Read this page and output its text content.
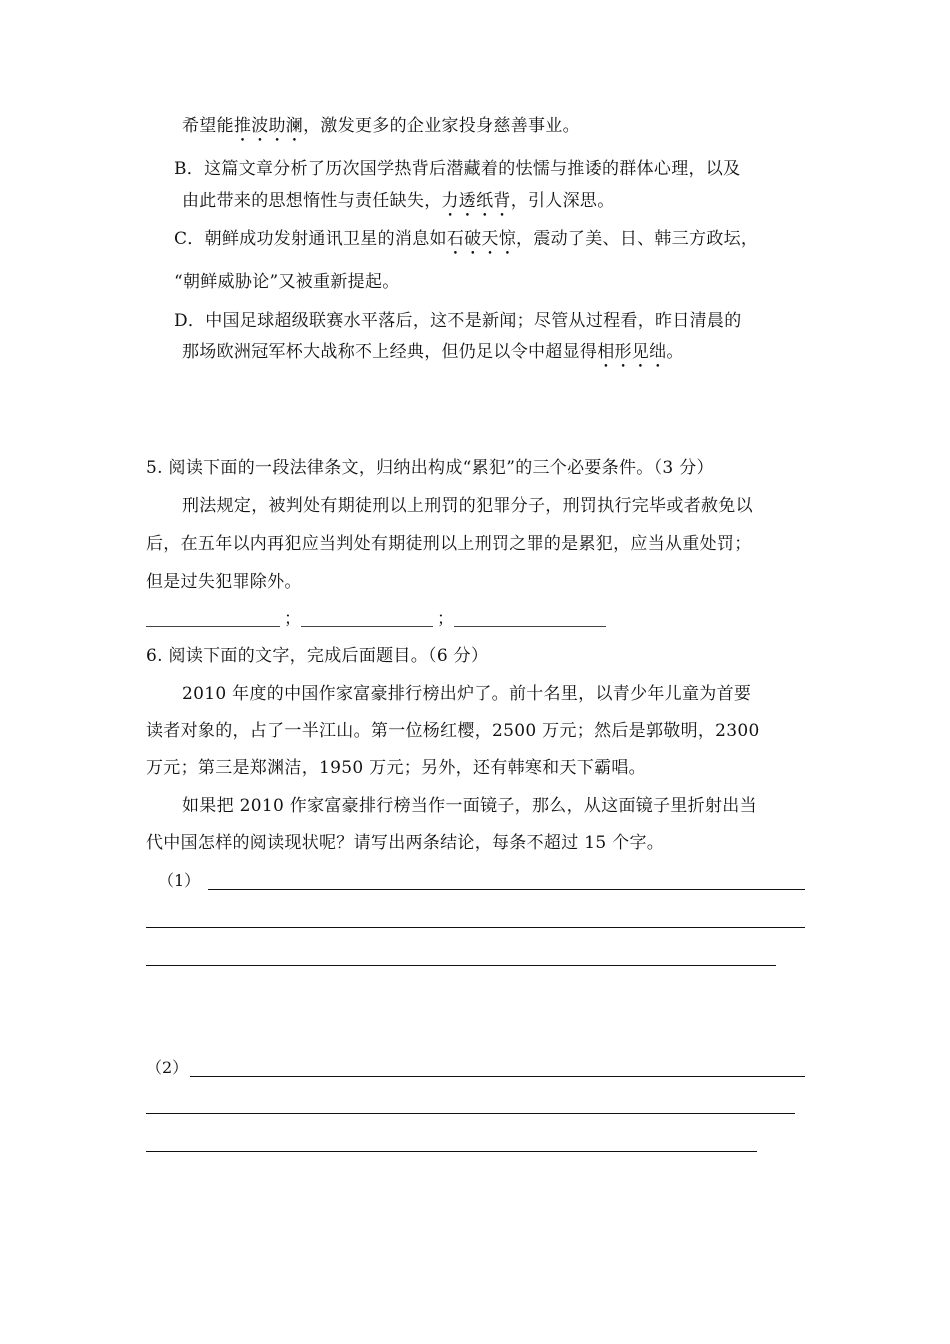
希望能推波助澜，激发更多的企业家投身慈善事业。
B．这篇文章分析了历次国学热背后潜藏着的怯懦与推诿的群体心理，以及
由此带来的思想惰性与责任缺失，力透纸背，引人深思。
C．朝鲜成功发射通讯卫星的消息如石破天惊，震动了美、日、韩三方政坛，
“朝鲜威胁论”又被重新提起。
D．中国足球超级联赛水平落后，这不是新闻；尽管从过程看，昨日清晨的
那场欧洲冠军杯大战称不上经典，但仍足以令中超显得相形见绌。
5. 阅读下面的一段法律条文，归纳出构成“累犯”的三个必要条件。（3 分）
刑法规定，被判处有期徒刑以上刑罚的犯罪分子，刑罚执行完毕或者赦免以
后，在五年以内再犯应当判处有期徒刑以上刑罚之罪的是累犯，应当从重处罚；
但是过失犯罪除外。
；	；
6. 阅读下面的文字，完成后面题目。（6 分）
2010 年度的中国作家富豪排行榜出炉了。前十名里，以青少年儿童为首要
读者对象的，占了一半江山。第一位杨红樱，2500 万元；然后是郭敬明，2300
万元；第三是郑渊洁，1950 万元；另外，还有韩寒和天下霸唱。
如果把 2010 作家富豪排行榜当作一面镜子，那么，从这面镜子里折射出当
代中国怎样的阅读现状呢？请写出两条结论，每条不超过 15 个字。
（1）
（2）
